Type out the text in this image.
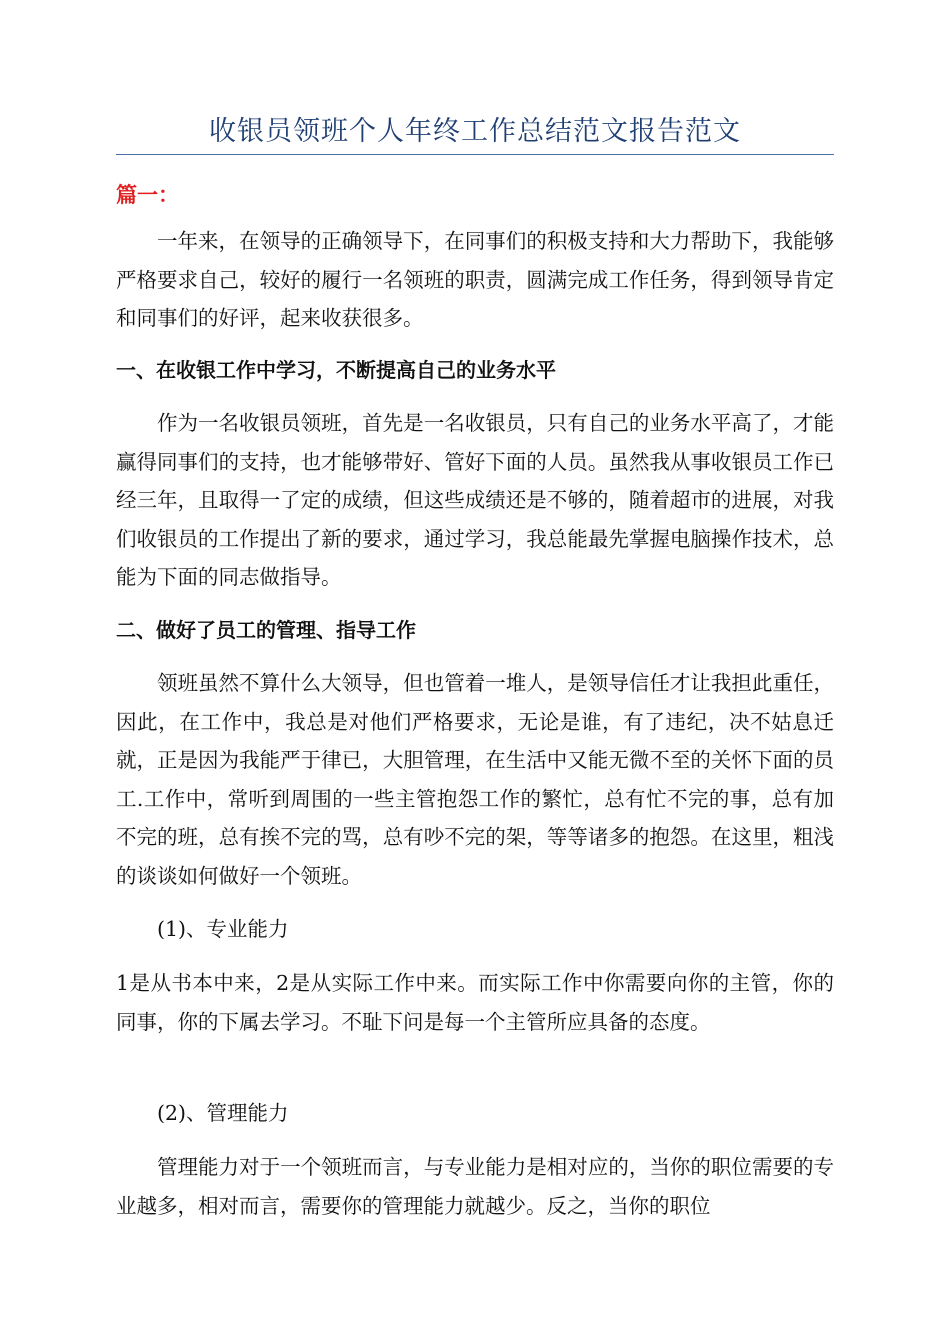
收银员领班个人年终工作总结范文报告范文
篇一：

一年来，在领导的正确领导下，在同事们的积极支持和大力帮助下，我能够严格要求自己，较好的履行一名领班的职责，圆满完成工作任务，得到领导肯定和同事们的好评，起来收获很多。

一、在收银工作中学习，不断提高自己的业务水平

作为一名收银员领班，首先是一名收银员，只有自己的业务水平高了，才能赢得同事们的支持，也才能够带好、管好下面的人员。虽然我从事收银员工作已经三年，且取得一了定的成绩，但这些成绩还是不够的，随着超市的进展，对我们收银员的工作提出了新的要求，通过学习，我总能最先掌握电脑操作技术，总能为下面的同志做指导。

二、做好了员工的管理、指导工作

领班虽然不算什么大领导，但也管着一堆人，是领导信任才让我担此重任，因此，在工作中，我总是对他们严格要求，无论是谁，有了违纪，决不姑息迁就，正是因为我能严于律已，大胆管理，在生活中又能无微不至的关怀下面的员工.工作中，常听到周围的一些主管抱怨工作的繁忙，总有忙不完的事，总有加不完的班，总有挨不完的骂，总有吵不完的架，等等诸多的抱怨。在这里，粗浅的谈谈如何做好一个领班。

(1)、专业能力

1是从书本中来，2是从实际工作中来。而实际工作中你需要向你的主管，你的同事，你的下属去学习。不耻下问是每一个主管所应具备的态度。

(2)、管理能力

管理能力对于一个领班而言，与专业能力是相对应的，当你的职位需要的专业越多，相对而言，需要你的管理能力就越少。反之，当你的职位
